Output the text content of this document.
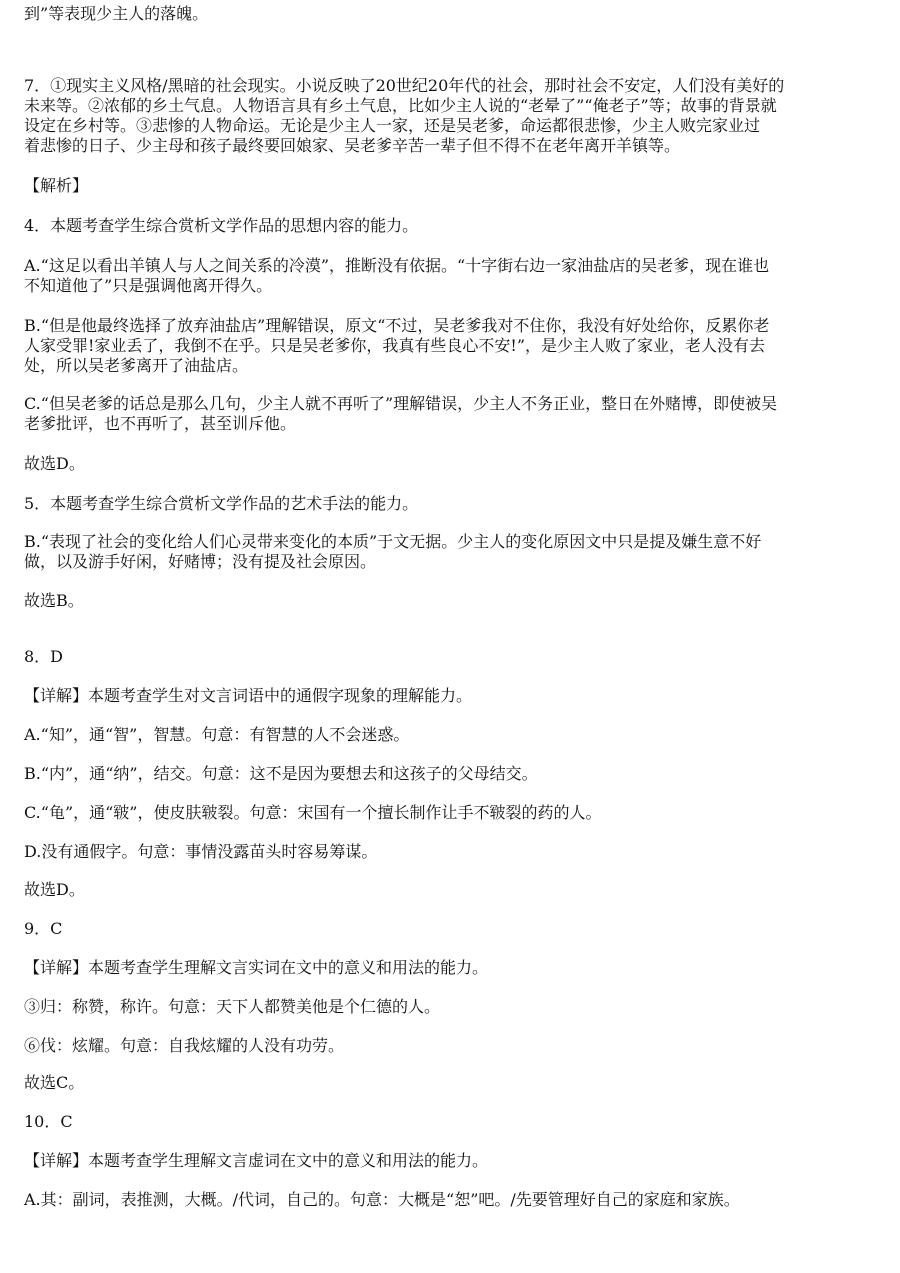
到”等表现少主人的落魄。

7．①现实主义风格/黑暗的社会现实。小说反映了20世纪20年代的社会，那时社会不安定，人们没有美好的
未来等。②浓郁的乡土气息。人物语言具有乡土气息，比如少主人说的“老晕了”“俺老子”等；故事的背景就
设定在乡村等。③悲惨的人物命运。无论是少主人一家，还是吴老爹，命运都很悲惨，少主人败完家业过
着悲惨的日子、少主母和孩子最终要回娘家、吴老爹辛苦一辈子但不得不在老年离开羊镇等。

【解析】

4．本题考查学生综合赏析文学作品的思想内容的能力。

A.“这足以看出羊镇人与人之间关系的冷漠”，推断没有依据。“十字街右边一家油盐店的吴老爹，现在谁也
不知道他了”只是强调他离开得久。

B.“但是他最终选择了放弃油盐店”理解错误，原文“不过，吴老爹我对不住你，我没有好处给你，反累你老
人家受罪!家业丢了，我倒不在乎。只是吴老爹你，我真有些良心不安!”，是少主人败了家业，老人没有去
处，所以吴老爹离开了油盐店。

C.“但吴老爹的话总是那么几句，少主人就不再听了”理解错误，少主人不务正业，整日在外赌博，即使被吴
老爹批评，也不再听了，甚至训斥他。

故选D。

5．本题考查学生综合赏析文学作品的艺术手法的能力。

B.“表现了社会的变化给人们心灵带来变化的本质”于文无据。少主人的变化原因文中只是提及嫌生意不好
做，以及游手好闲，好赌博；没有提及社会原因。

故选B。

8．D

【详解】本题考查学生对文言词语中的通假字现象的理解能力。

A.“知”，通“智”，智慧。句意：有智慧的人不会迷惑。

B.“内”，通“纳”，结交。句意：这不是因为要想去和这孩子的父母结交。

C.“龟”，通“皲”，使皮肤皲裂。句意：宋国有一个擅长制作让手不皲裂的药的人。

D.没有通假字。句意：事情没露苗头时容易筹谋。

故选D。

9．C

【详解】本题考查学生理解文言实词在文中的意义和用法的能力。

③归：称赞，称许。句意：天下人都赞美他是个仁德的人。

⑥伐：炫耀。句意：自我炫耀的人没有功劳。

故选C。

10．C

【详解】本题考查学生理解文言虚词在文中的意义和用法的能力。

A.其：副词，表推测，大概。/代词，自己的。句意：大概是“恕”吧。/先要管理好自己的家庭和家族。
